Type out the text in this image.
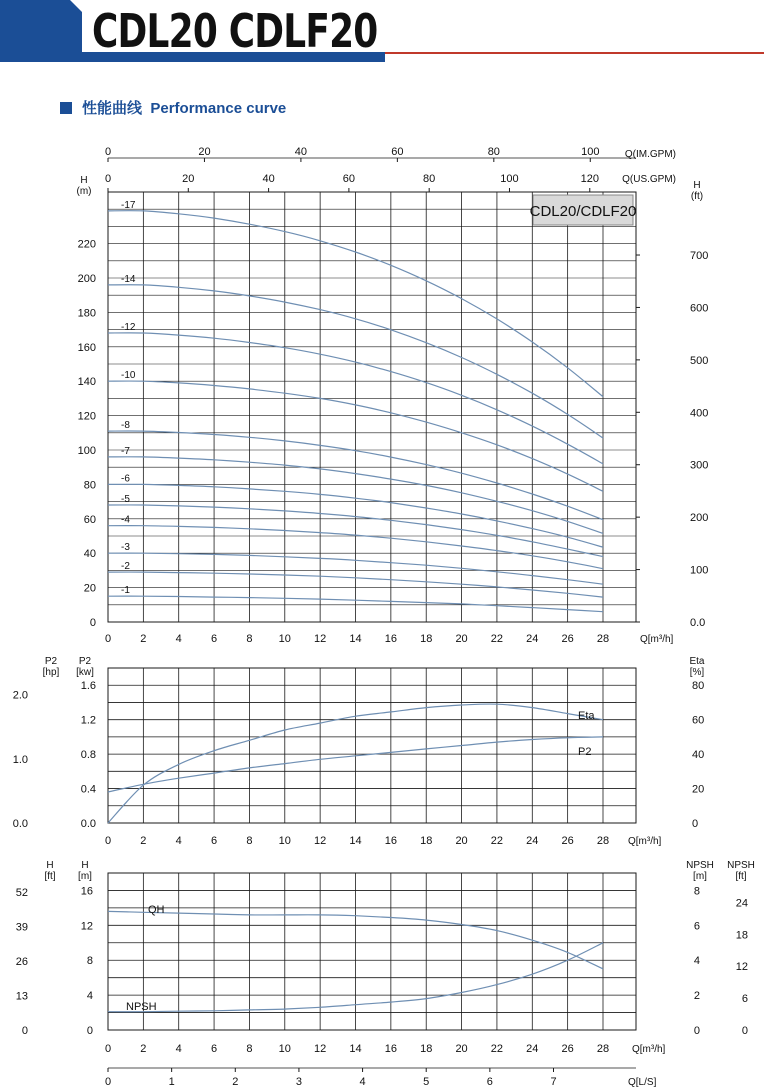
CDL20 CDLF20
性能曲线 Performance curve
0	20	40	60	80	100	Q(IM.GPM)
0	20	40	60	80	100	120 Q(US.GPM)
0
20
40
60
80
100
120
140
160
180
200
220
H
(m)
0.0
100
200
300
400
500
600
700
H
(ft)
0	2	4	6	8 10 12 14 16 18 20 22 24 26 28	Q[m³/h]
CDL20/CDLF20
-1
-2
-3
-4
-5
-6
-7
-8
-10
-12
-14
-17
0.0
0.4
0.8
1.2
1.6
0.0
1.0
2.0
P2
[hp]
P2
[kw]
0
20
40
60
80
Eta
[%]
0	2	4	6	8 10 12 14 16 18 20 22 24 26 28 Q[m³/h]
Eta
P2
0
4
8
12
16
0
13
26
39
52
H
[ft]
H
[m]
0
2
4
6
8
0
6
12
18
24
NPSH
[m]
NPSH
[ft]
0	2	4	6	8 10 12 14 16 18 20 22 24 26 28 Q[m³/h]
0	1	2	3	4	5	6	7	Q[L/S]
QH
NPSH
